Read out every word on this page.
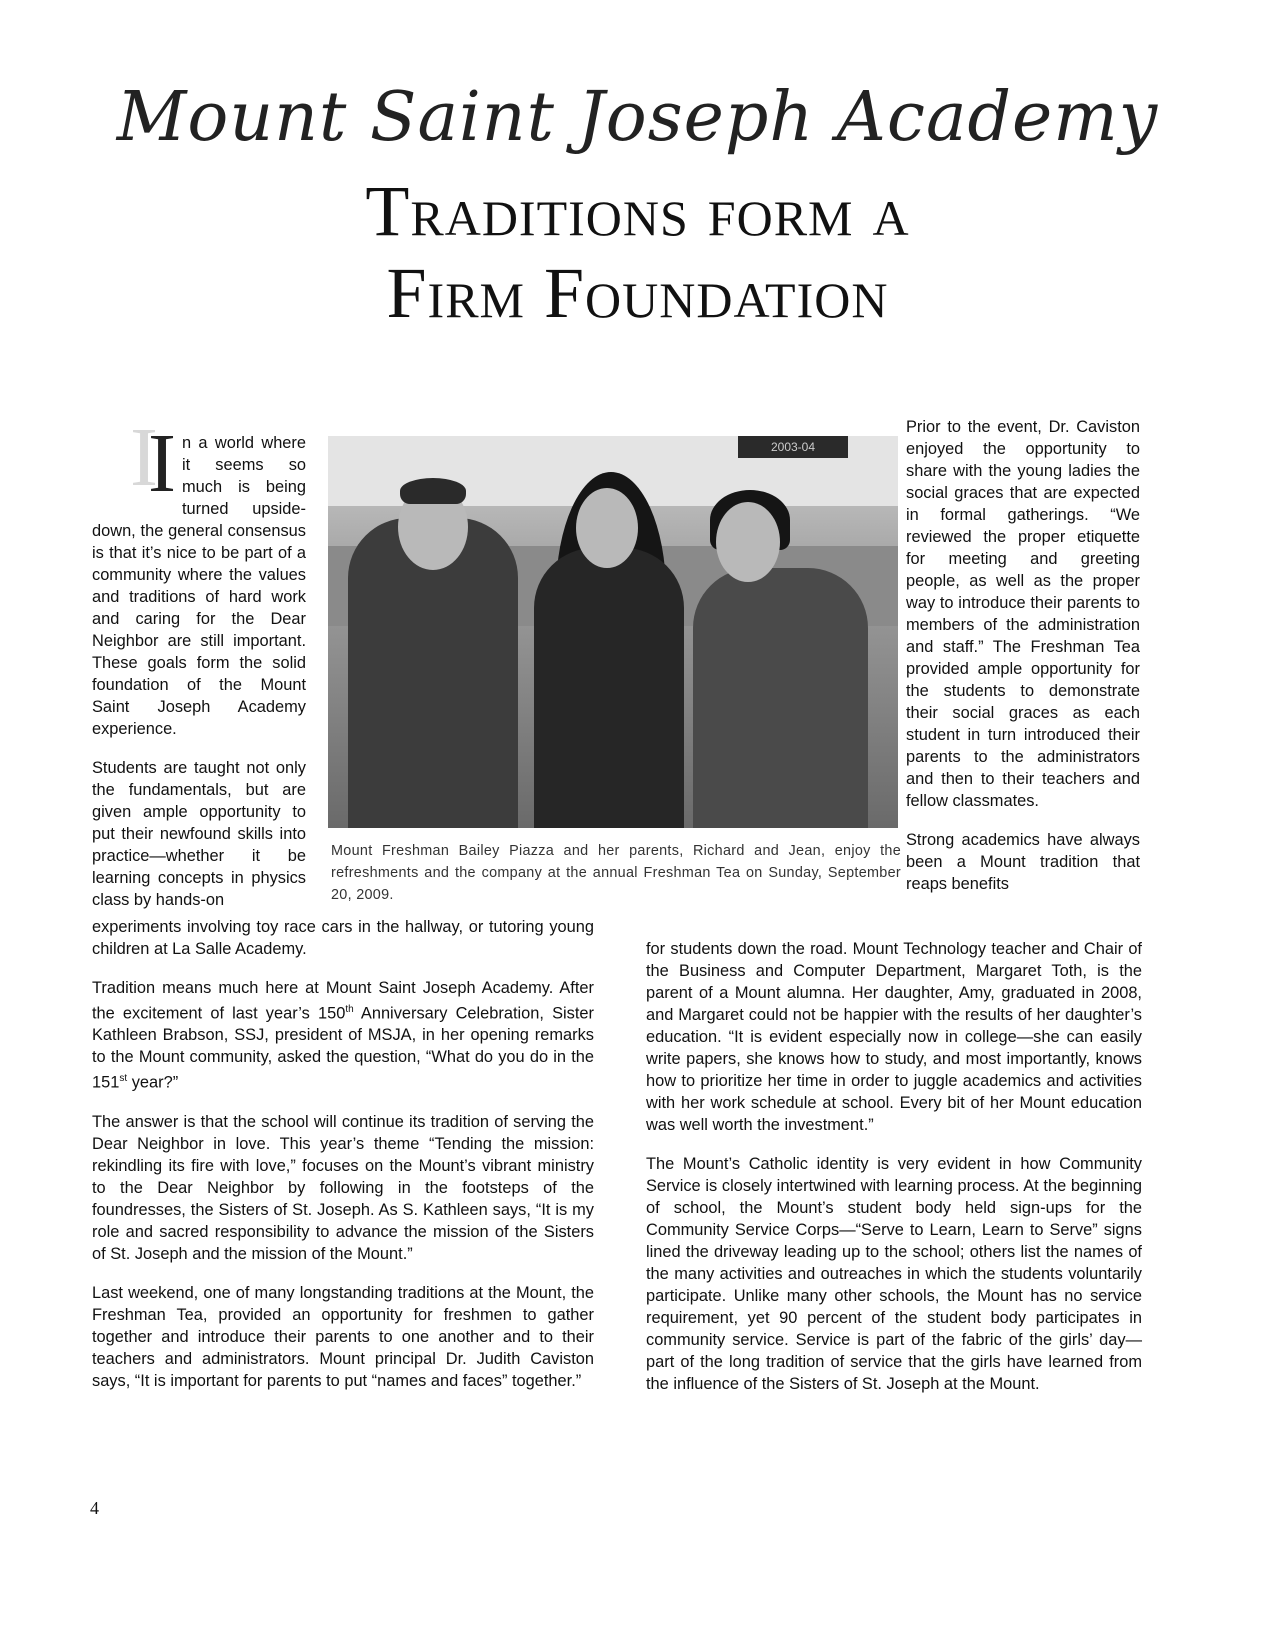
Mount Saint Joseph Academy
Traditions form a
Firm Foundation

In a world where it seems so much is being turned upside-down, the general consensus is that it’s nice to be part of a community where the values and traditions of hard work and caring for the Dear Neighbor are still important. These goals form the solid foundation of the Mount Saint Joseph Academy experience.

Students are taught not only the fundamentals, but are given ample opportunity to put their newfound skills into practice—whether it be learning concepts in physics class by hands-on

2003-04
Mount Freshman Bailey Piazza and her parents, Richard and Jean, enjoy the refreshments and the company at the annual Freshman Tea on Sunday, September 20, 2009.

Prior to the event, Dr. Caviston enjoyed the opportunity to share with the young ladies the social graces that are expected in formal gatherings. “We reviewed the proper etiquette for meeting and greeting people, as well as the proper way to introduce their parents to members of the administration and staff.” The Freshman Tea provided ample opportunity for the students to demonstrate their social graces as each student in turn introduced their parents to the administrators and then to their teachers and fellow classmates.

Strong academics have always been a Mount tradition that reaps benefits

experiments involving toy race cars in the hallway, or tutoring young children at La Salle Academy.

Tradition means much here at Mount Saint Joseph Academy. After the excitement of last year’s 150th Anniversary Celebration, Sister Kathleen Brabson, SSJ, president of MSJA, in her opening remarks to the Mount community, asked the question, “What do you do in the 151st year?”

The answer is that the school will continue its tradition of serving the Dear Neighbor in love. This year’s theme “Tending the mission: rekindling its fire with love,” focuses on the Mount’s vibrant ministry to the Dear Neighbor by following in the footsteps of the foundresses, the Sisters of St. Joseph. As S. Kathleen says, “It is my role and sacred responsibility to advance the mission of the Sisters of St. Joseph and the mission of the Mount.”

Last weekend, one of many longstanding traditions at the Mount, the Freshman Tea, provided an opportunity for freshmen to gather together and introduce their parents to one another and to their teachers and administrators. Mount principal Dr. Judith Caviston says, “It is important for parents to put “names and faces” together.”

for students down the road. Mount Technology teacher and Chair of the Business and Computer Department, Margaret Toth, is the parent of a Mount alumna. Her daughter, Amy, graduated in 2008, and Margaret could not be happier with the results of her daughter’s education. “It is evident especially now in college—she can easily write papers, she knows how to study, and most importantly, knows how to prioritize her time in order to juggle academics and activities with her work schedule at school. Every bit of her Mount education was well worth the investment.”

The Mount’s Catholic identity is very evident in how Community Service is closely intertwined with learning process. At the beginning of school, the Mount’s student body held sign-ups for the Community Service Corps—“Serve to Learn, Learn to Serve” signs lined the driveway leading up to the school; others list the names of the many activities and outreaches in which the students voluntarily participate. Unlike many other schools, the Mount has no service requirement, yet 90 percent of the student body participates in community service. Service is part of the fabric of the girls’ day—part of the long tradition of service that the girls have learned from the influence of the Sisters of St. Joseph at the Mount.

4
